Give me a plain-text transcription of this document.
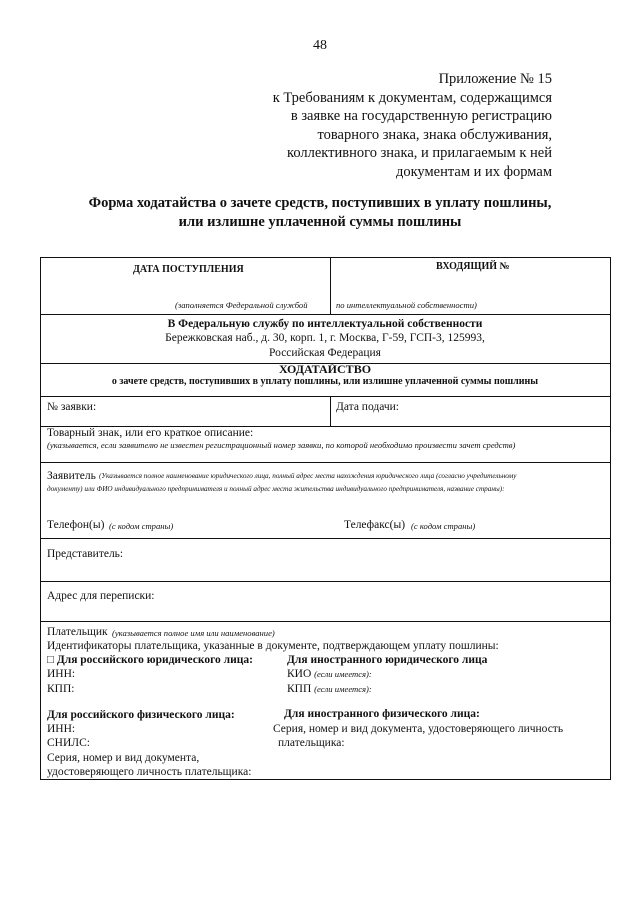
48
Приложение № 15
к Требованиям к документам, содержащимся
в заявке на государственную регистрацию
товарного знака, знака обслуживания,
коллективного знака, и прилагаемым к ней
документам и их формам
Форма ходатайства о зачете средств, поступивших в уплату пошлины,
или излишне уплаченной суммы пошлины
ДАТА ПОСТУПЛЕНИЯ	ВХОДЯЩИЙ №
(заполняется Федеральной службой	по интеллектуальной собственности)
В Федеральную службу по интеллектуальной собственности
Бережковская наб., д. 30, корп. 1, г. Москва, Г-59, ГСП-3, 125993,
Российская Федерация
ХОДАТАЙСТВО
о зачете средств, поступивших в уплату пошлины, или излишне уплаченной суммы пошлины
№ заявки:	Дата подачи:
Товарный знак, или его краткое описание:
(указывается, если заявителю не известен регистрационный номер заявки, по которой необходимо произвести зачет средств)
Заявитель (Указывается полное наименование юридического лица, полный адрес места нахождения юридического лица (согласно учредительному
документу) или ФИО индивидуального предпринимателя и полный адрес места жительства индивидуального предпринимателя, название страны):
Телефон(ы) (с кодом страны)	Телефакс(ы) (с кодом страны)
Представитель:
Адрес для переписки:
Плательщик (указывается полное имя или наименование)
Идентификаторы плательщика, указанные в документе, подтверждающем уплату пошлины:
□ Для российского юридического лица:	Для иностранного юридического лица
ИНН:	КИО (если имеется):
КПП:	КПП (если имеется):
Для российского физического лица:	Для иностранного физического лица:
ИНН:	Серия, номер и вид документа, удостоверяющего личность
СНИЛС:	плательщика:
Серия, номер и вид документа,
удостоверяющего личность плательщика:
